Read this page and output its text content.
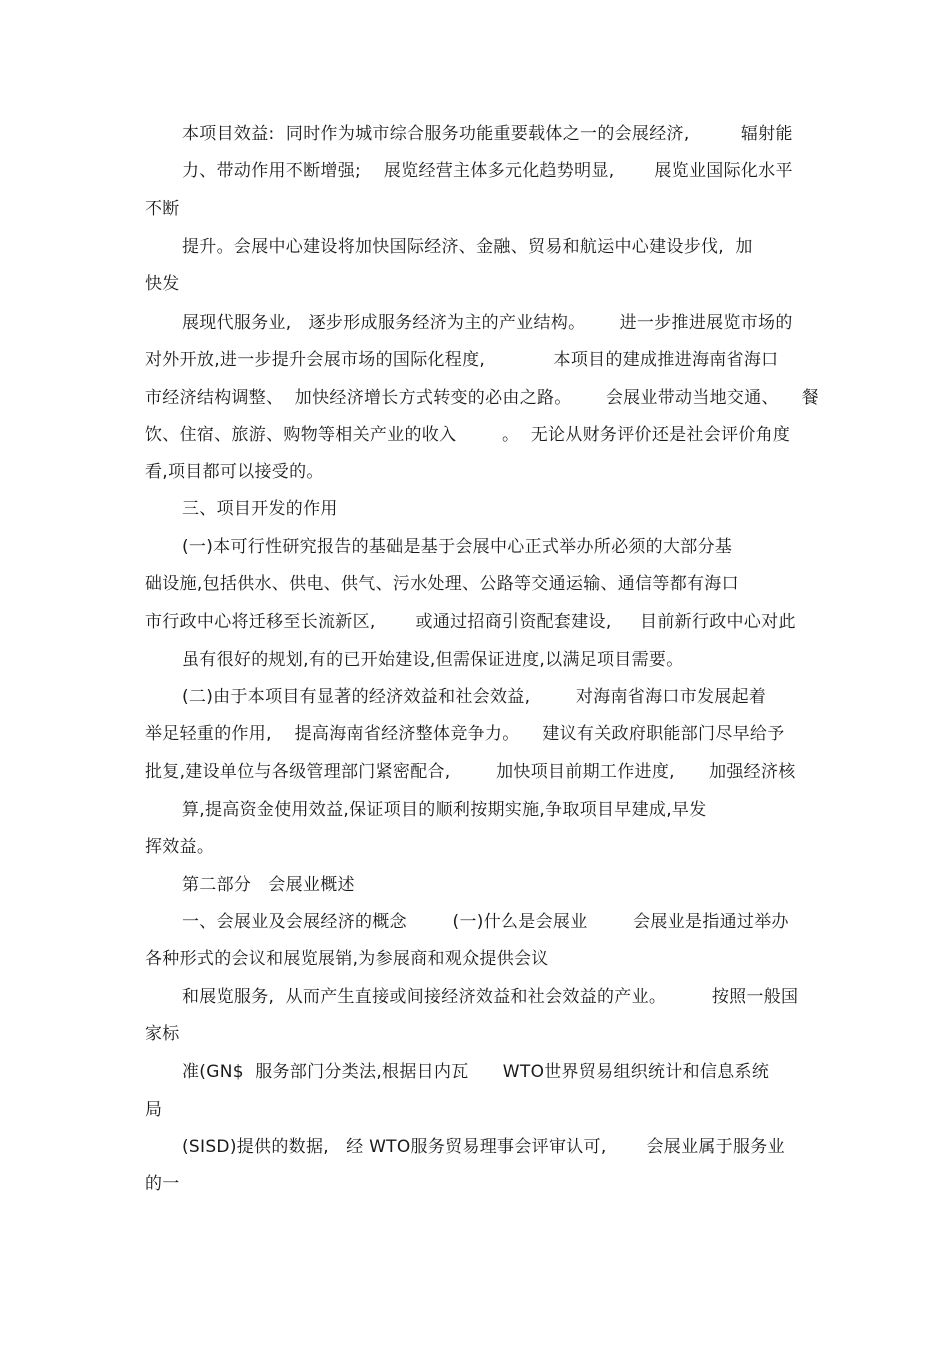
本项目效益:  同时作为城市综合服务功能重要载体之一的会展经济,         辐射能
力、带动作用不断增强;    展览经营主体多元化趋势明显,       展览业国际化水平
不断
提升。会展中心建设将加快国际经济、金融、贸易和航运中心建设步伐,  加
快发
展现代服务业,   逐步形成服务经济为主的产业结构。      进一步推进展览市场的
对外开放,进一步提升会展市场的国际化程度,            本项目的建成推进海南省海口
市经济结构调整、  加快经济增长方式转变的必由之路。      会展业带动当地交通、    餐
饮、住宿、旅游、购物等相关产业的收入        。  无论从财务评价还是社会评价角度
看,项目都可以接受的。
三、项目开发的作用
(一)本可行性研究报告的基础是基于会展中心正式举办所必须的大部分基
础设施,包括供水、供电、供气、污水处理、公路等交通运输、通信等都有海口
市行政中心将迁移至长流新区,       或通过招商引资配套建设,     目前新行政中心对此
虽有很好的规划,有的已开始建设,但需保证进度,以满足项目需要。
(二)由于本项目有显著的经济效益和社会效益,        对海南省海口市发展起着
举足轻重的作用,    提高海南省经济整体竞争力。    建议有关政府职能部门尽早给予
批复,建设单位与各级管理部门紧密配合,        加快项目前期工作进度,      加强经济核
算,提高资金使用效益,保证项目的顺利按期实施,争取项目早建成,早发
挥效益。
第二部分   会展业概述
一、会展业及会展经济的概念        (一)什么是会展业        会展业是指通过举办
各种形式的会议和展览展销,为参展商和观众提供会议
和展览服务,  从而产生直接或间接经济效益和社会效益的产业。        按照一般国
家标
准(GN$  服务部门分类法,根据日内瓦      WTO世界贸易组织统计和信息系统
局
(SISD)提供的数据,   经 WTO服务贸易理事会评审认可,       会展业属于服务业
的一
